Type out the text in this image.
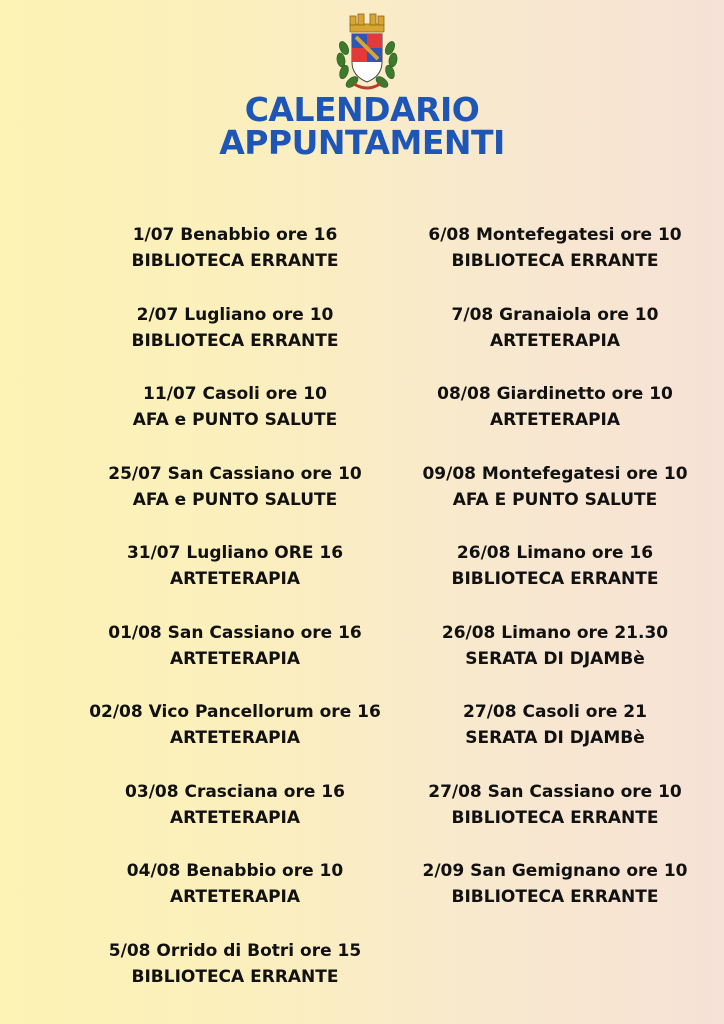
CALENDARIO
APPUNTAMENTI
1/07 Benabbio ore 16
BIBLIOTECA ERRANTE
2/07 Lugliano ore 10
BIBLIOTECA ERRANTE
11/07 Casoli ore 10
AFA e PUNTO SALUTE
25/07 San Cassiano ore 10
AFA e PUNTO SALUTE
31/07 Lugliano ORE 16
ARTETERAPIA
01/08 San Cassiano ore 16
ARTETERAPIA
02/08 Vico Pancellorum ore 16
ARTETERAPIA
03/08 Crasciana ore 16
ARTETERAPIA
04/08 Benabbio ore 10
ARTETERAPIA
5/08 Orrido di Botri ore 15
BIBLIOTECA ERRANTE
6/08 Montefegatesi ore 10
BIBLIOTECA ERRANTE
7/08 Granaiola ore 10
ARTETERAPIA
08/08 Giardinetto ore 10
ARTETERAPIA
09/08 Montefegatesi ore 10
AFA E PUNTO SALUTE
26/08 Limano ore 16
BIBLIOTECA ERRANTE
26/08 Limano ore 21.30
SERATA DI DJAMBè
27/08 Casoli ore 21
SERATA DI DJAMBè
27/08 San Cassiano ore 10
BIBLIOTECA ERRANTE
2/09 San Gemignano ore 10
BIBLIOTECA ERRANTE
